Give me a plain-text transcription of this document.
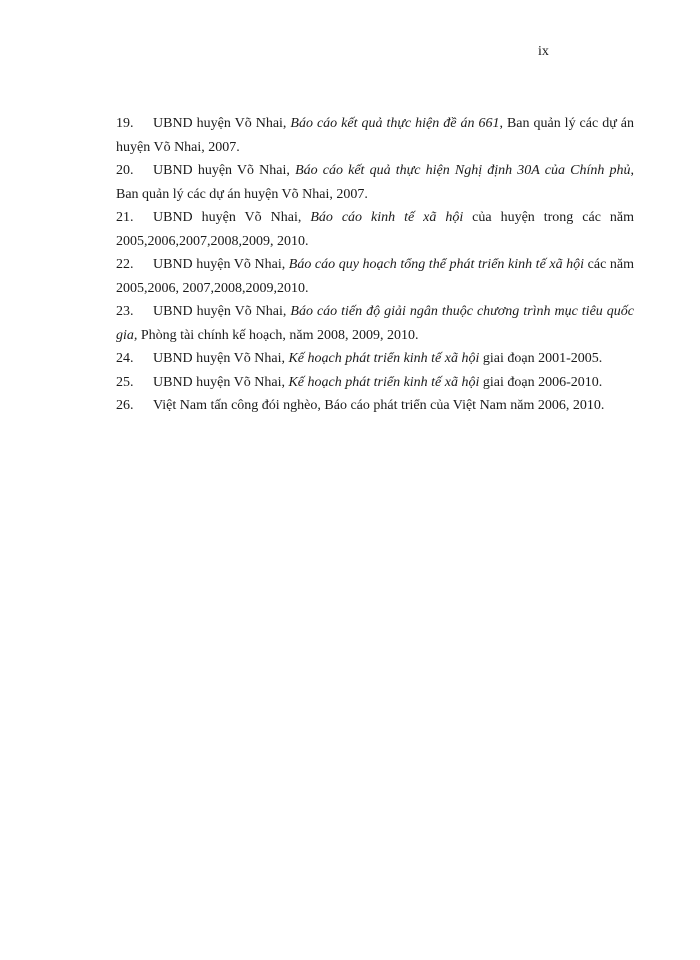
ix
19. UBND huyện Võ Nhai, Báo cáo kết quả thực hiện đề án 661, Ban quản lý các dự án huyện Võ Nhai, 2007.
20. UBND huyện Võ Nhai, Báo cáo kết quả thực hiện Nghị định 30A của Chính phủ, Ban quản lý các dự án huyện Võ Nhai, 2007.
21. UBND huyện Võ Nhai, Báo cáo kinh tế xã hội của huyện trong các năm 2005,2006,2007,2008,2009, 2010.
22. UBND huyện Võ Nhai, Báo cáo quy hoạch tổng thể phát triển kinh tế xã hội các năm 2005,2006, 2007,2008,2009,2010.
23. UBND huyện Võ Nhai, Báo cáo tiến độ giải ngân thuộc chương trình mục tiêu quốc gia, Phòng tài chính kế hoạch, năm 2008, 2009, 2010.
24. UBND huyện Võ Nhai, Kế hoạch phát triển kinh tế xã hội giai đoạn 2001-2005.
25. UBND huyện Võ Nhai, Kế hoạch phát triển kinh tế xã hội giai đoạn 2006-2010.
26. Việt Nam tấn công đói nghèo, Báo cáo phát triển của Việt Nam năm 2006, 2010.
